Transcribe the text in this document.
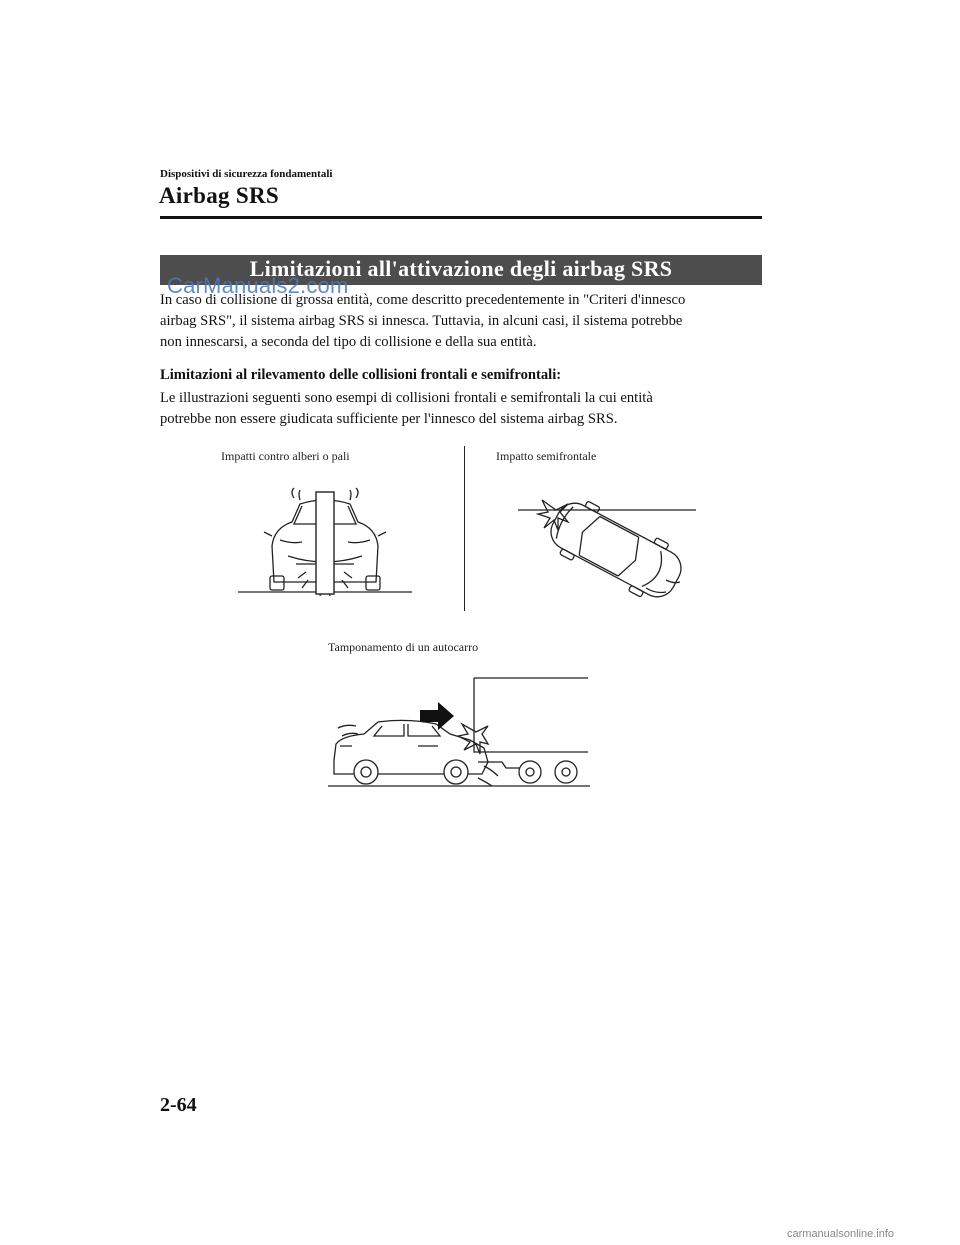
Dispositivi di sicurezza fondamentali
Airbag SRS
Limitazioni all'attivazione degli airbag SRS
CarManuals2.com
In caso di collisione di grossa entità, come descritto precedentemente in "Criteri d'innesco
airbag SRS", il sistema airbag SRS si innesca. Tuttavia, in alcuni casi, il sistema potrebbe
non innescarsi, a seconda del tipo di collisione e della sua entità.
Limitazioni al rilevamento delle collisioni frontali e semifrontali:
Le illustrazioni seguenti sono esempi di collisioni frontali e semifrontali la cui entità
potrebbe non essere giudicata sufficiente per l'innesco del sistema airbag SRS.
Impatti contro alberi o pali	Impatto semifrontale
Tamponamento di un autocarro
2-64
carmanualsonline.info
